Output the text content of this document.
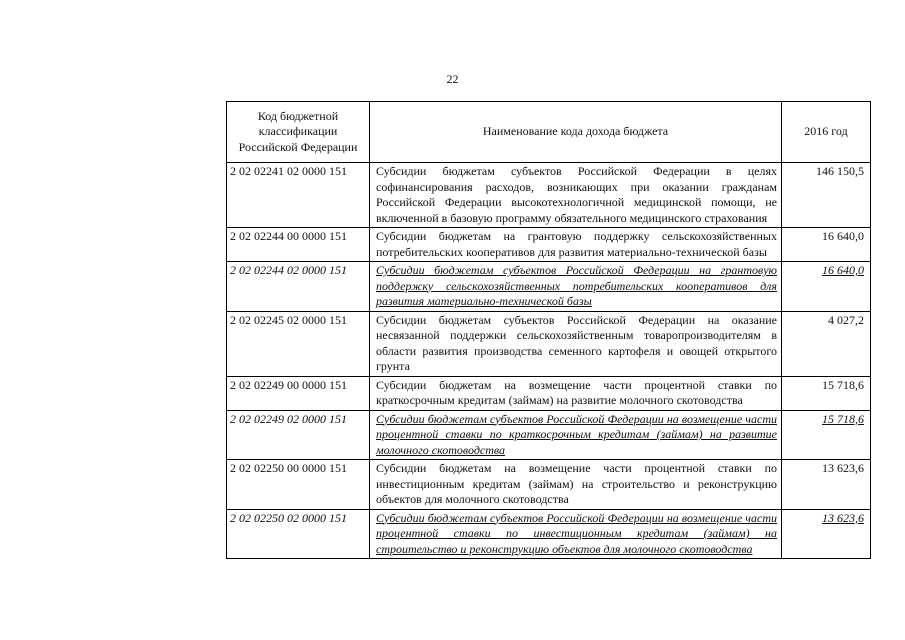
22
Код бюджетной классификации Российской Федерации	Наименование кода дохода бюджета	2016 год
2 02 02241 02 0000 151	Субсидии бюджетам субъектов Российской Федерации в целях софинансирования расходов, возникающих при оказании гражданам Российской Федерации высокотехнологичной медицинской помощи, не включенной в базовую программу обязательного медицинского страхования	146 150,5
2 02 02244 00 0000 151	Субсидии бюджетам на грантовую поддержку сельскохозяйственных потребительских кооперативов для развития материально-технической базы	16 640,0
2 02 02244 02 0000 151	Субсидии бюджетам субъектов Российской Федерации на грантовую поддержку сельскохозяйственных потребительских кооперативов для развития материально-технической базы	16 640,0
2 02 02245 02 0000 151	Субсидии бюджетам субъектов Российской Федерации на оказание несвязанной поддержки сельскохозяйственным товаропроизводителям в области развития производства семенного картофеля и овощей открытого грунта	4 027,2
2 02 02249 00 0000 151	Субсидии бюджетам на возмещение части процентной ставки по краткосрочным кредитам (займам) на развитие молочного скотоводства	15 718,6
2 02 02249 02 0000 151	Субсидии бюджетам субъектов Российской Федерации на возмещение части процентной ставки по краткосрочным кредитам (займам) на развитие молочного скотоводства	15 718,6
2 02 02250 00 0000 151	Субсидии бюджетам на возмещение части процентной ставки по инвестиционным кредитам (займам) на строительство и реконструкцию объектов для молочного скотоводства	13 623,6
2 02 02250 02 0000 151	Субсидии бюджетам субъектов Российской Федерации на возмещение части процентной ставки по инвестиционным кредитам (займам) на строительство и реконструкцию объектов для молочного скотоводства	13 623,6
